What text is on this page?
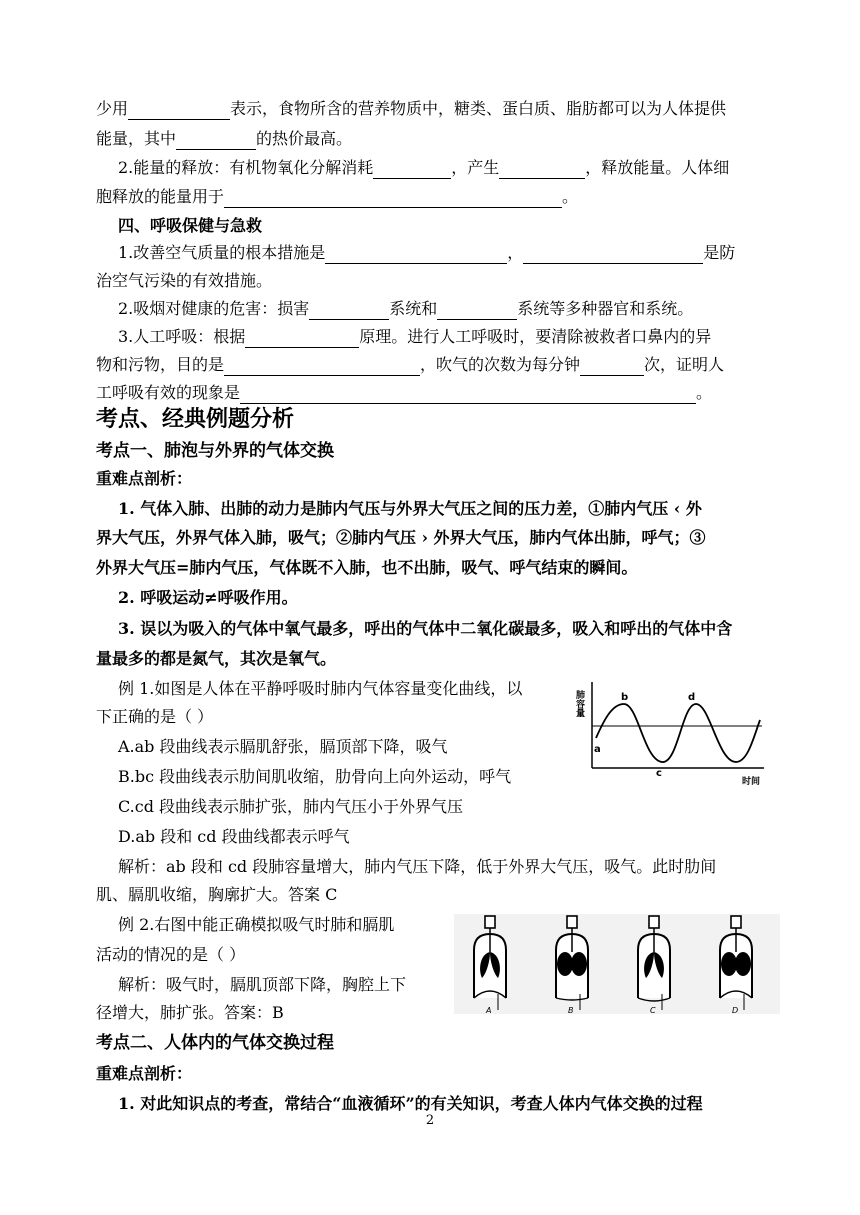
少用	表示，食物所含的营养物质中，糖类、蛋白质、脂肪都可以为人体提供
能量，其中	的热价最高。
2.能量的释放：有机物氧化分解消耗	，产生	，释放能量。人体细
胞释放的能量用于	。
四、呼吸保健与急救
1.改善空气质量的根本措施是	，	是防
治空气污染的有效措施。
2.吸烟对健康的危害：损害	系统和	系统等多种器官和系统。
3.人工呼吸：根据	原理。进行人工呼吸时，要清除被救者口鼻内的异
物和污物，目的是	，吹气的次数为每分钟	次，证明人
工呼吸有效的现象是	。
考点、经典例题分析
考点一、肺泡与外界的气体交换
重难点剖析：
1. 气体入肺、出肺的动力是肺内气压与外界大气压之间的压力差，①肺内气压 ‹ 外
界大气压，外界气体入肺，吸气；②肺内气压 › 外界大气压，肺内气体出肺，呼气；③
外界大气压=肺内气压，气体既不入肺，也不出肺，吸气、呼气结束的瞬间。
2. 呼吸运动≠呼吸作用。
3. 误以为吸入的气体中氧气最多，呼出的气体中二氧化碳最多，吸入和呼出的气体中含
量最多的都是氮气，其次是氧气。
例 1.如图是人体在平静呼吸时肺内气体容量变化曲线，以
下正确的是（ ）
A.ab 段曲线表示膈肌舒张，膈顶部下降，吸气
B.bc 段曲线表示肋间肌收缩，肋骨向上向外运动，呼气
C.cd 段曲线表示肺扩张，肺内气压小于外界气压
D.ab 段和 cd 段曲线都表示呼气
解析：ab 段和 cd 段肺容量增大，肺内气压下降，低于外界大气压，吸气。此时肋间
肌、膈肌收缩，胸廓扩大。答案 C
例 2.右图中能正确模拟吸气时肺和膈肌
活动的情况的是（ ）
解析：吸气时，膈肌顶部下降，胸腔上下
径增大，肺扩张。答案：B
考点二、人体内的气体交换过程
重难点剖析：
1. 对此知识点的考查，常结合“血液循环”的有关知识，考查人体内气体交换的过程
2
肺容量
a
b
c
d
时间
A	B	C	D
